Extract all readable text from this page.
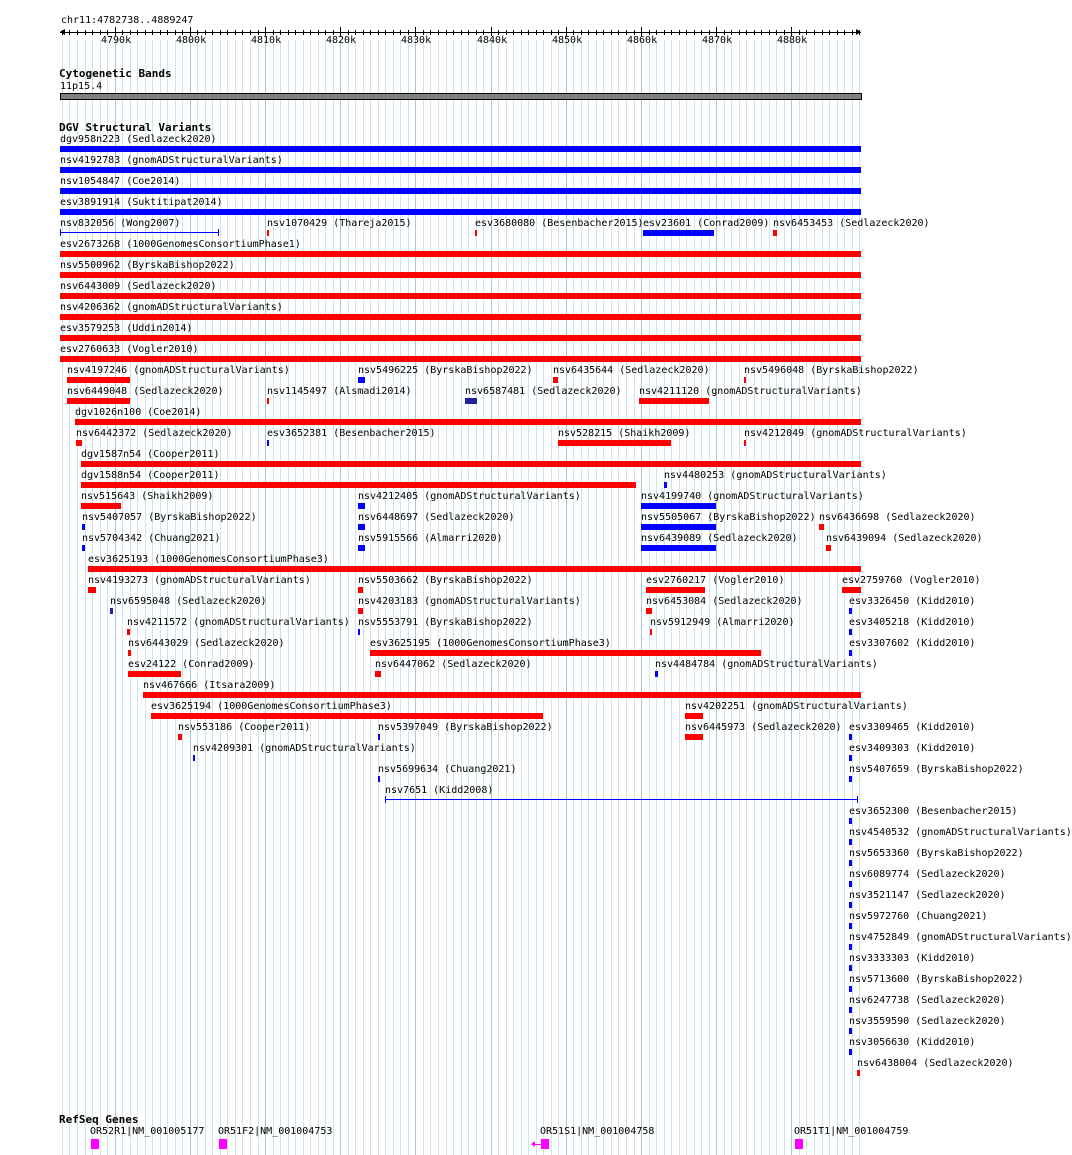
chr11:4782738..4889247
4790k	4800k	4810k	4820k	4830k	4840k	4850k	4860k	4870k	4880k
Cytogenetic Bands
11p15.4
DGV Structural Variants
dgv958n223 (Sedlazeck2020)
nsv4192783 (gnomADStructuralVariants)
nsv1054847 (Coe2014)
esv3891914 (Suktitipat2014)
nsv832056 (Wong2007)	nsv1070429 (Thareja2015)	esv3680080 (Besenbacher2015) esv23601 (Conrad2009) nsv6453453 (Sedlazeck2020)
esv2673268 (1000GenomesConsortiumPhase1)
nsv5500962 (ByrskaBishop2022)
nsv6443009 (Sedlazeck2020)
nsv4206362 (gnomADStructuralVariants)
esv3579253 (Uddin2014)
esv2760633 (Vogler2010)
nsv4197246 (gnomADStructuralVariants)	nsv5496225 (ByrskaBishop2022) nsv6435644 (Sedlazeck2020)	nsv5496048 (ByrskaBishop2022)
nsv6449048 (Sedlazeck2020)	nsv1145497 (Alsmadi2014)	nsv6587481 (Sedlazeck2020) nsv4211120 (gnomADStructuralVariants)
dgv1026n100 (Coe2014)
nsv6442372 (Sedlazeck2020)	esv3652381 (Besenbacher2015)	nsv528215 (Shaikh2009)	nsv4212049 (gnomADStructuralVariants)
dgv1587n54 (Cooper2011)
dgv1588n54 (Cooper2011)	nsv4480253 (gnomADStructuralVariants)
nsv515643 (Shaikh2009)	nsv4212405 (gnomADStructuralVariants)	nsv4199740 (gnomADStructuralVariants)
nsv5407057 (ByrskaBishop2022)	nsv6448697 (Sedlazeck2020)	nsv5505067 (ByrskaBishop2022) nsv6436698 (Sedlazeck2020)
nsv5704342 (Chuang2021)	nsv5915566 (Almarri2020)	nsv6439089 (Sedlazeck2020)	nsv6439094 (Sedlazeck2020)
esv3625193 (1000GenomesConsortiumPhase3)
nsv4193273 (gnomADStructuralVariants)	nsv5503662 (ByrskaBishop2022)	esv2760217 (Vogler2010)	esv2759760 (Vogler2010)
nsv6595048 (Sedlazeck2020)	nsv4203183 (gnomADStructuralVariants)	nsv6453084 (Sedlazeck2020)	esv3326450 (Kidd2010)
nsv4211572 (gnomADStructuralVariants) nsv5553791 (ByrskaBishop2022)	nsv5912949 (Almarri2020)	esv3405218 (Kidd2010)
nsv6443029 (Sedlazeck2020)	esv3625195 (1000GenomesConsortiumPhase3)	esv3307602 (Kidd2010)
esv24122 (Conrad2009)	nsv6447062 (Sedlazeck2020)	nsv4484784 (gnomADStructuralVariants)
nsv467666 (Itsara2009)
esv3625194 (1000GenomesConsortiumPhase3)	nsv4202251 (gnomADStructuralVariants)
nsv553186 (Cooper2011)	nsv5397049 (ByrskaBishop2022)	nsv6445973 (Sedlazeck2020) esv3309465 (Kidd2010)
nsv4209301 (gnomADStructuralVariants)	esv3409303 (Kidd2010)
nsv5699634 (Chuang2021)	nsv5407659 (ByrskaBishop2022)
nsv7651 (Kidd2008)
esv3652300 (Besenbacher2015)
nsv4540532 (gnomADStructuralVariants)
nsv5653360 (ByrskaBishop2022)
nsv6089774 (Sedlazeck2020)
nsv3521147 (Sedlazeck2020)
nsv5972760 (Chuang2021)
nsv4752849 (gnomADStructuralVariants)
nsv3333303 (Kidd2010)
nsv5713600 (ByrskaBishop2022)
nsv6247738 (Sedlazeck2020)
nsv3559590 (Sedlazeck2020)
nsv3056630 (Kidd2010)
nsv6438004 (Sedlazeck2020)
RefSeq Genes
OR52R1|NM_001005177 OR51F2|NM_001004753	OR51S1|NM_001004758	OR51T1|NM_001004759
